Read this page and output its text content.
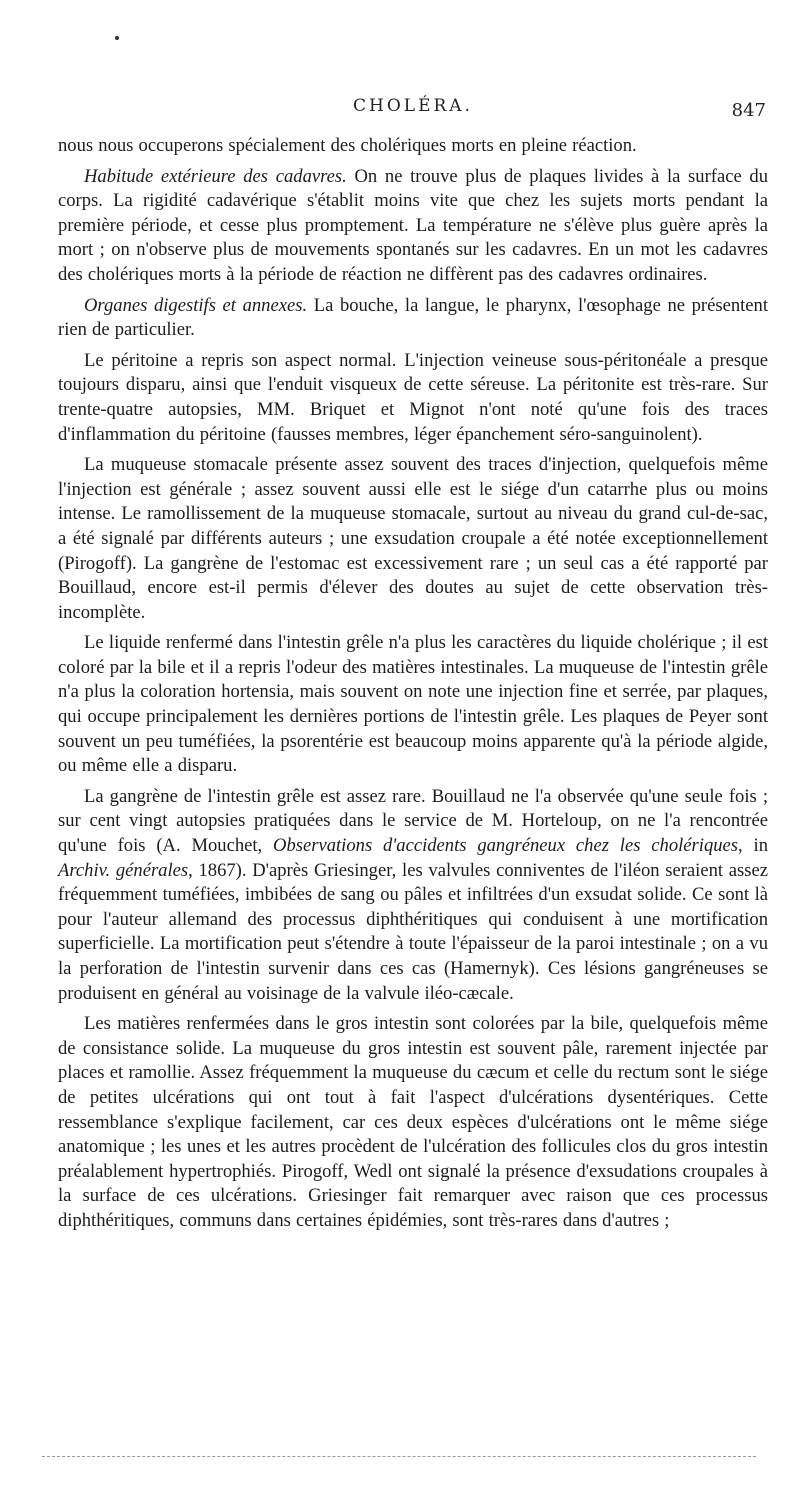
CHOLÉRA.	847

nous nous occuperons spécialement des cholériques morts en pleine réaction.

Habitude extérieure des cadavres. On ne trouve plus de plaques livides à la surface du corps. La rigidité cadavérique s'établit moins vite que chez les sujets morts pendant la première période, et cesse plus promptement. La température ne s'élève plus guère après la mort ; on n'observe plus de mouvements spontanés sur les cadavres. En un mot les cadavres des cholériques morts à la période de réaction ne diffèrent pas des cadavres ordinaires.

Organes digestifs et annexes. La bouche, la langue, le pharynx, l'œsophage ne présentent rien de particulier.

Le péritoine a repris son aspect normal. L'injection veineuse sous-péritonéale a presque toujours disparu, ainsi que l'enduit visqueux de cette séreuse. La péritonite est très-rare. Sur trente-quatre autopsies, MM. Briquet et Mignot n'ont noté qu'une fois des traces d'inflammation du péritoine (fausses membres, léger épanchement séro-sanguinolent).

La muqueuse stomacale présente assez souvent des traces d'injection, quelquefois même l'injection est générale ; assez souvent aussi elle est le siége d'un catarrhe plus ou moins intense. Le ramollissement de la muqueuse stomacale, surtout au niveau du grand cul-de-sac, a été signalé par différents auteurs ; une exsudation croupale a été notée exceptionnellement (Pirogoff). La gangrène de l'estomac est excessivement rare ; un seul cas a été rapporté par Bouillaud, encore est-il permis d'élever des doutes au sujet de cette observation très-incomplète.

Le liquide renfermé dans l'intestin grêle n'a plus les caractères du liquide cholérique ; il est coloré par la bile et il a repris l'odeur des matières intestinales. La muqueuse de l'intestin grêle n'a plus la coloration hortensia, mais souvent on note une injection fine et serrée, par plaques, qui occupe principalement les dernières portions de l'intestin grêle. Les plaques de Peyer sont souvent un peu tuméfiées, la psorentérie est beaucoup moins apparente qu'à la période algide, ou même elle a disparu.

La gangrène de l'intestin grêle est assez rare. Bouillaud ne l'a observée qu'une seule fois ; sur cent vingt autopsies pratiquées dans le service de M. Horteloup, on ne l'a rencontrée qu'une fois (A. Mouchet, Observations d'accidents gangréneux chez les cholériques, in Archiv. générales, 1867). D'après Griesinger, les valvules conniventes de l'iléon seraient assez fréquemment tuméfiées, imbibées de sang ou pâles et infiltrées d'un exsudat solide. Ce sont là pour l'auteur allemand des processus diphthéritiques qui conduisent à une mortification superficielle. La mortification peut s'étendre à toute l'épaisseur de la paroi intestinale ; on a vu la perforation de l'intestin survenir dans ces cas (Hamernyk). Ces lésions gangréneuses se produisent en général au voisinage de la valvule iléo-cæcale.

Les matières renfermées dans le gros intestin sont colorées par la bile, quelquefois même de consistance solide. La muqueuse du gros intestin est souvent pâle, rarement injectée par places et ramollie. Assez fréquemment la muqueuse du cæcum et celle du rectum sont le siége de petites ulcérations qui ont tout à fait l'aspect d'ulcérations dysentériques. Cette ressemblance s'explique facilement, car ces deux espèces d'ulcérations ont le même siége anatomique ; les unes et les autres procèdent de l'ulcération des follicules clos du gros intestin préalablement hypertrophiés. Pirogoff, Wedl ont signalé la présence d'exsudations croupales à la surface de ces ulcérations. Griesinger fait remarquer avec raison que ces processus diphthéritiques, communs dans certaines épidémies, sont très-rares dans d'autres ;
